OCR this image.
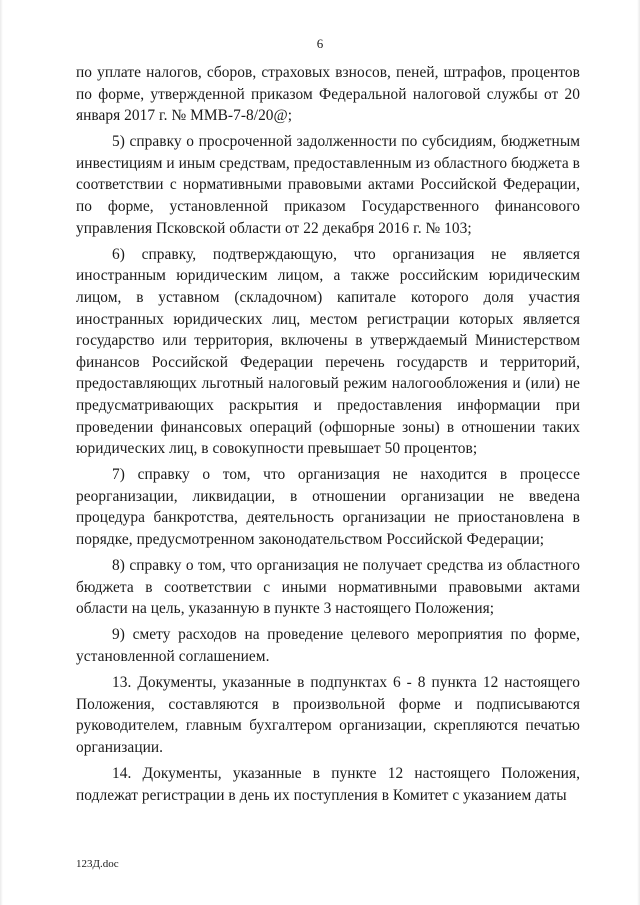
6

по уплате налогов, сборов, страховых взносов, пеней, штрафов, процентов по форме, утвержденной приказом Федеральной налоговой службы от 20 января 2017 г. № ММВ-7-8/20@;

5) справку о просроченной задолженности по субсидиям, бюджетным инвестициям и иным средствам, предоставленным из областного бюджета в соответствии с нормативными правовыми актами Российской Федерации, по форме, установленной приказом Государственного финансового управления Псковской области от 22 декабря 2016 г. № 103;

6) справку, подтверждающую, что организация не является иностранным юридическим лицом, а также российским юридическим лицом, в уставном (складочном) капитале которого доля участия иностранных юридических лиц, местом регистрации которых является государство или территория, включены в утверждаемый Министерством финансов Российской Федерации перечень государств и территорий, предоставляющих льготный налоговый режим налогообложения и (или) не предусматривающих раскрытия и предоставления информации при проведении финансовых операций (офшорные зоны) в отношении таких юридических лиц, в совокупности превышает 50 процентов;

7) справку о том, что организация не находится в процессе реорганизации, ликвидации, в отношении организации не введена процедура банкротства, деятельность организации не приостановлена в порядке, предусмотренном законодательством Российской Федерации;

8) справку о том, что организация не получает средства из областного бюджета в соответствии с иными нормативными правовыми актами области на цель, указанную в пункте 3 настоящего Положения;

9) смету расходов на проведение целевого мероприятия по форме, установленной соглашением.

13. Документы, указанные в подпунктах 6 - 8 пункта 12 настоящего Положения, составляются в произвольной форме и подписываются руководителем, главным бухгалтером организации, скрепляются печатью организации.

14. Документы, указанные в пункте 12 настоящего Положения, подлежат регистрации в день их поступления в Комитет с указанием даты

123Д.doc
